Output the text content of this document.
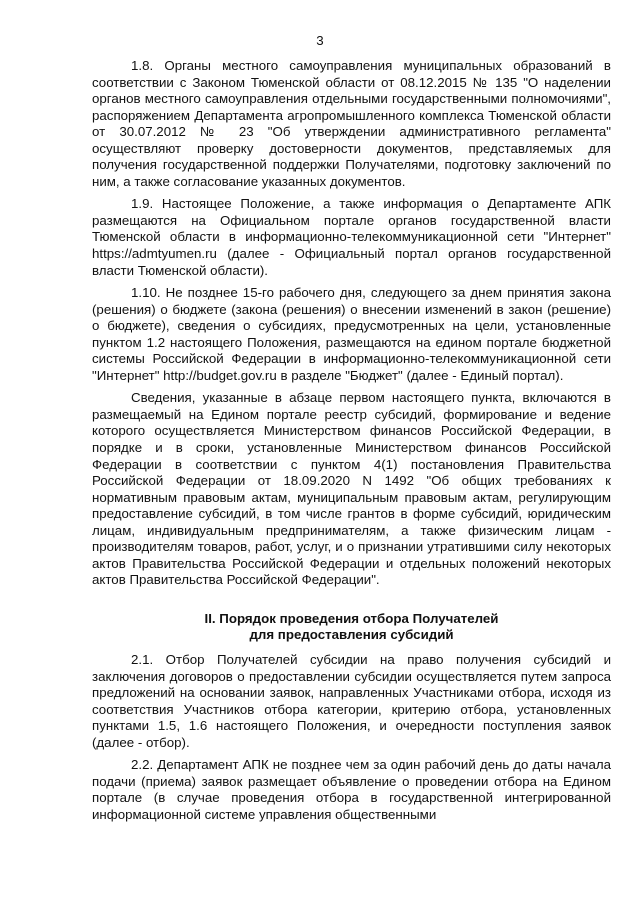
3

1.8. Органы местного самоуправления муниципальных образований в соответствии с Законом Тюменской области от 08.12.2015 № 135 "О наделении органов местного самоуправления отдельными государственными полномочиями", распоряжением Департамента агропромышленного комплекса Тюменской области от 30.07.2012 № 23 "Об утверждении административного регламента" осуществляют проверку достоверности документов, представляемых для получения государственной поддержки Получателями, подготовку заключений по ним, а также согласование указанных документов.

1.9. Настоящее Положение, а также информация о Департаменте АПК размещаются на Официальном портале органов государственной власти Тюменской области в информационно-телекоммуникационной сети "Интернет" https://admtyumen.ru (далее - Официальный портал органов государственной власти Тюменской области).

1.10. Не позднее 15-го рабочего дня, следующего за днем принятия закона (решения) о бюджете (закона (решения) о внесении изменений в закон (решение) о бюджете), сведения о субсидиях, предусмотренных на цели, установленные пунктом 1.2 настоящего Положения, размещаются на едином портале бюджетной системы Российской Федерации в информационно-телекоммуникационной сети "Интернет" http://budget.gov.ru в разделе "Бюджет" (далее - Единый портал).

Сведения, указанные в абзаце первом настоящего пункта, включаются в размещаемый на Едином портале реестр субсидий, формирование и ведение которого осуществляется Министерством финансов Российской Федерации, в порядке и в сроки, установленные Министерством финансов Российской Федерации в соответствии с пунктом 4(1) постановления Правительства Российской Федерации от 18.09.2020 N 1492 "Об общих требованиях к нормативным правовым актам, муниципальным правовым актам, регулирующим предоставление субсидий, в том числе грантов в форме субсидий, юридическим лицам, индивидуальным предпринимателям, а также физическим лицам - производителям товаров, работ, услуг, и о признании утратившими силу некоторых актов Правительства Российской Федерации и отдельных положений некоторых актов Правительства Российской Федерации".

II. Порядок проведения отбора Получателей
для предоставления субсидий

2.1. Отбор Получателей субсидии на право получения субсидий и заключения договоров о предоставлении субсидии осуществляется путем запроса предложений на основании заявок, направленных Участниками отбора, исходя из соответствия Участников отбора категории, критерию отбора, установленных пунктами 1.5, 1.6 настоящего Положения, и очередности поступления заявок (далее - отбор).

2.2. Департамент АПК не позднее чем за один рабочий день до даты начала подачи (приема) заявок размещает объявление о проведении отбора на Едином портале (в случае проведения отбора в государственной интегрированной информационной системе управления общественными
